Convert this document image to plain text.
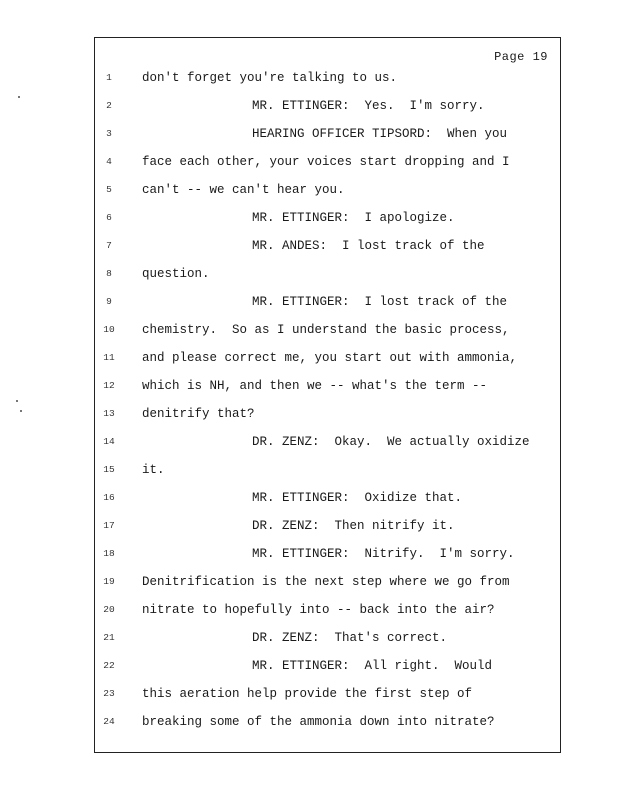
Page 19
1	don't forget you're talking to us.
2	MR. ETTINGER:  Yes.  I'm sorry.
3	HEARING OFFICER TIPSORD:  When you
4	face each other, your voices start dropping and I
5	can't -- we can't hear you.
6	MR. ETTINGER:  I apologize.
7	MR. ANDES:  I lost track of the
8	question.
9	MR. ETTINGER:  I lost track of the
10	chemistry.  So as I understand the basic process,
11	and please correct me, you start out with ammonia,
12	which is NH, and then we -- what's the term --
13	denitrify that?
14	DR. ZENZ:  Okay.  We actually oxidize
15	it.
16	MR. ETTINGER:  Oxidize that.
17	DR. ZENZ:  Then nitrify it.
18	MR. ETTINGER:  Nitrify.  I'm sorry.
19	Denitrification is the next step where we go from
20	nitrate to hopefully into -- back into the air?
21	DR. ZENZ:  That's correct.
22	MR. ETTINGER:  All right.  Would
23	this aeration help provide the first step of
24	breaking some of the ammonia down into nitrate?
